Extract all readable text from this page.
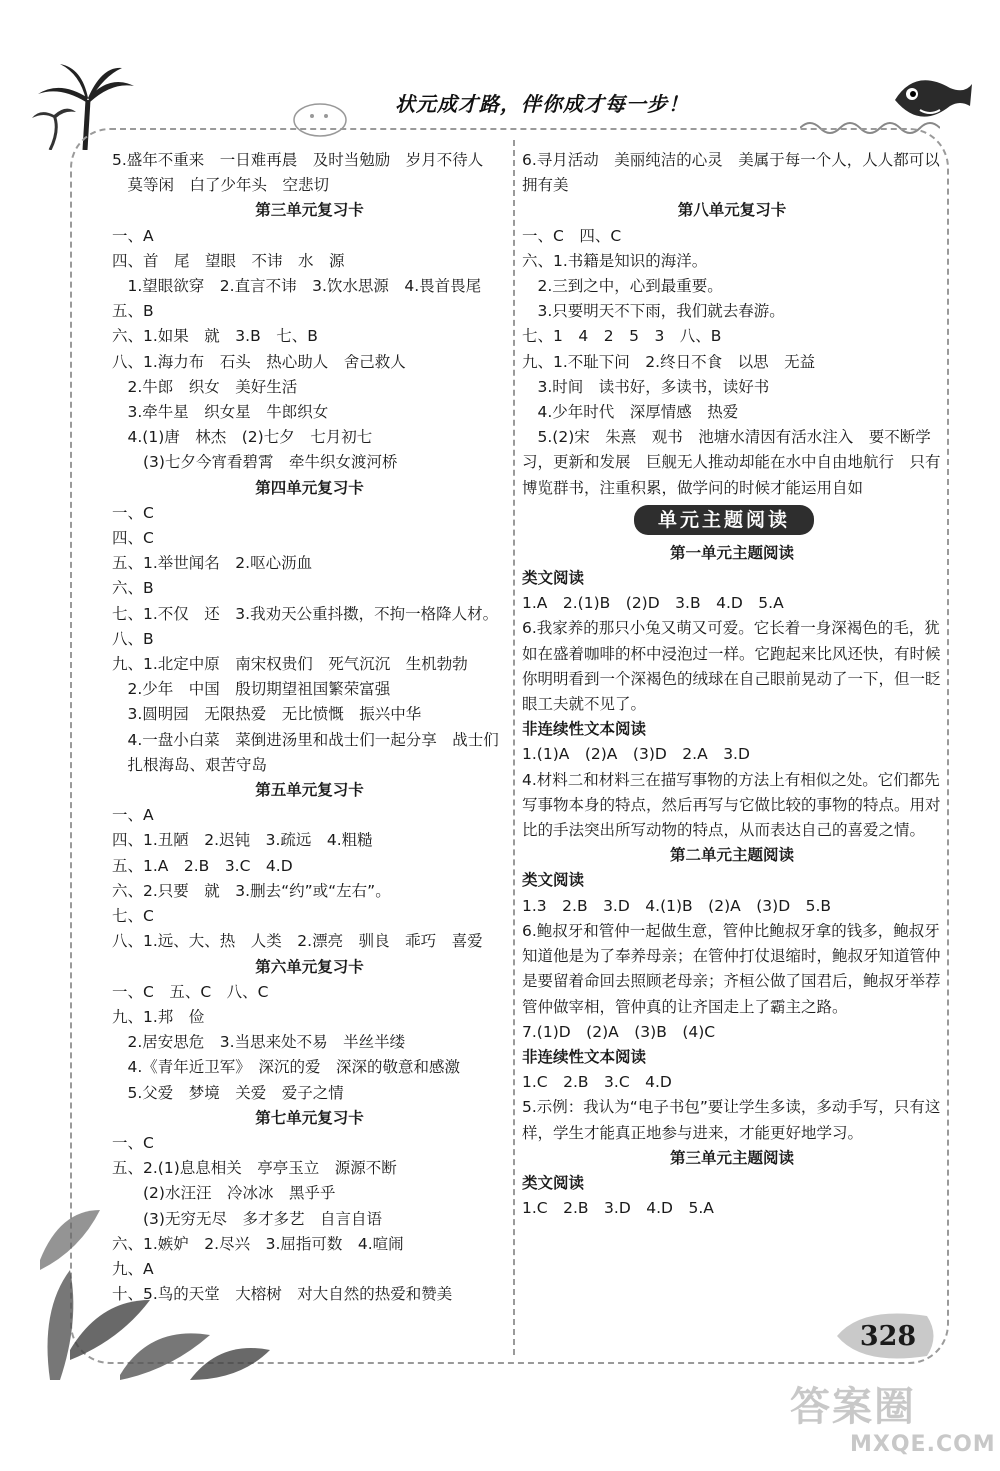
状元成才路，伴你成才每一步！
5.盛年不重来　一日难再晨　及时当勉励　岁月不待人
　莫等闲　白了少年头　空悲切
第三单元复习卡
一、A
四、首　尾　望眼　不讳　水　源
　1.望眼欲穿　2.直言不讳　3.饮水思源　4.畏首畏尾
五、B
六、1.如果　就　3.B　七、B
八、1.海力布　石头　热心助人　舍己救人
　2.牛郎　织女　美好生活
　3.牵牛星　织女星　牛郎织女
　4.(1)唐　林杰　(2)七夕　七月初七
　　(3)七夕今宵看碧霄　牵牛织女渡河桥
第四单元复习卡
一、C
四、C
五、1.举世闻名　2.呕心沥血
六、B
七、1.不仅　还　3.我劝天公重抖擞，不拘一格降人材。
八、B
九、1.北定中原　南宋权贵们　死气沉沉　生机勃勃
　2.少年　中国　殷切期望祖国繁荣富强
　3.圆明园　无限热爱　无比愤慨　振兴中华
　4.一盘小白菜　菜倒进汤里和战士们一起分享　战士们
　扎根海岛、艰苦守岛
第五单元复习卡
一、A
四、1.丑陋　2.迟钝　3.疏远　4.粗糙
五、1.A　2.B　3.C　4.D
六、2.只要　就　3.删去“约”或“左右”。
七、C
八、1.远、大、热　人类　2.漂亮　驯良　乖巧　喜爱
第六单元复习卡
一、C　五、C　八、C
九、1.邦　俭
　2.居安思危　3.当思来处不易　半丝半缕
　4.《青年近卫军》　深沉的爱　深深的敬意和感激
　5.父爱　梦境　关爱　爱子之情
第七单元复习卡
一、C
五、2.(1)息息相关　亭亭玉立　源源不断
　　(2)水汪汪　冷冰冰　黑乎乎
　　(3)无穷无尽　多才多艺　自言自语
六、1.嫉妒　2.尽兴　3.屈指可数　4.喧闹
九、A
十、5.鸟的天堂　大榕树　对大自然的热爱和赞美
6.寻月活动　美丽纯洁的心灵　美属于每一个人，人人都可以拥有美
第八单元复习卡
一、C　四、C
六、1.书籍是知识的海洋。
　2.三到之中，心到最重要。
　3.只要明天不下雨，我们就去春游。
七、1　4　2　5　3　八、B
九、1.不耻下问　2.终日不食　以思　无益
　3.时间　读书好，多读书，读好书
　4.少年时代　深厚情感　热爱
　5.(2)宋　朱熹　观书　池塘水清因有活水注入　要不断学习，更新和发展　巨舰无人推动却能在水中自由地航行　只有博览群书，注重积累，做学问的时候才能运用自如
单元主题阅读
第一单元主题阅读
类文阅读
1.A　2.(1)B　(2)D　3.B　4.D　5.A
6.我家养的那只小兔又萌又可爱。它长着一身深褐色的毛，犹如在盛着咖啡的杯中浸泡过一样。它跑起来比风还快，有时候你明明看到一个深褐色的绒球在自己眼前晃动了一下，但一眨眼工夫就不见了。
非连续性文本阅读
1.(1)A　(2)A　(3)D　2.A　3.D
4.材料二和材料三在描写事物的方法上有相似之处。它们都先写事物本身的特点，然后再写与它做比较的事物的特点。用对比的手法突出所写动物的特点，从而表达自己的喜爱之情。
第二单元主题阅读
类文阅读
1.3　2.B　3.D　4.(1)B　(2)A　(3)D　5.B
6.鲍叔牙和管仲一起做生意，管仲比鲍叔牙拿的钱多，鲍叔牙知道他是为了奉养母亲；在管仲打仗退缩时，鲍叔牙知道管仲是要留着命回去照顾老母亲；齐桓公做了国君后，鲍叔牙举荐管仲做宰相，管仲真的让齐国走上了霸主之路。
7.(1)D　(2)A　(3)B　(4)C
非连续性文本阅读
1.C　2.B　3.C　4.D
5.示例：我认为“电子书包”要让学生多读，多动手写，只有这样，学生才能真正地参与进来，才能更好地学习。
第三单元主题阅读
类文阅读
1.C　2.B　3.D　4.D　5.A
328
答案圈
MXQE.COM
